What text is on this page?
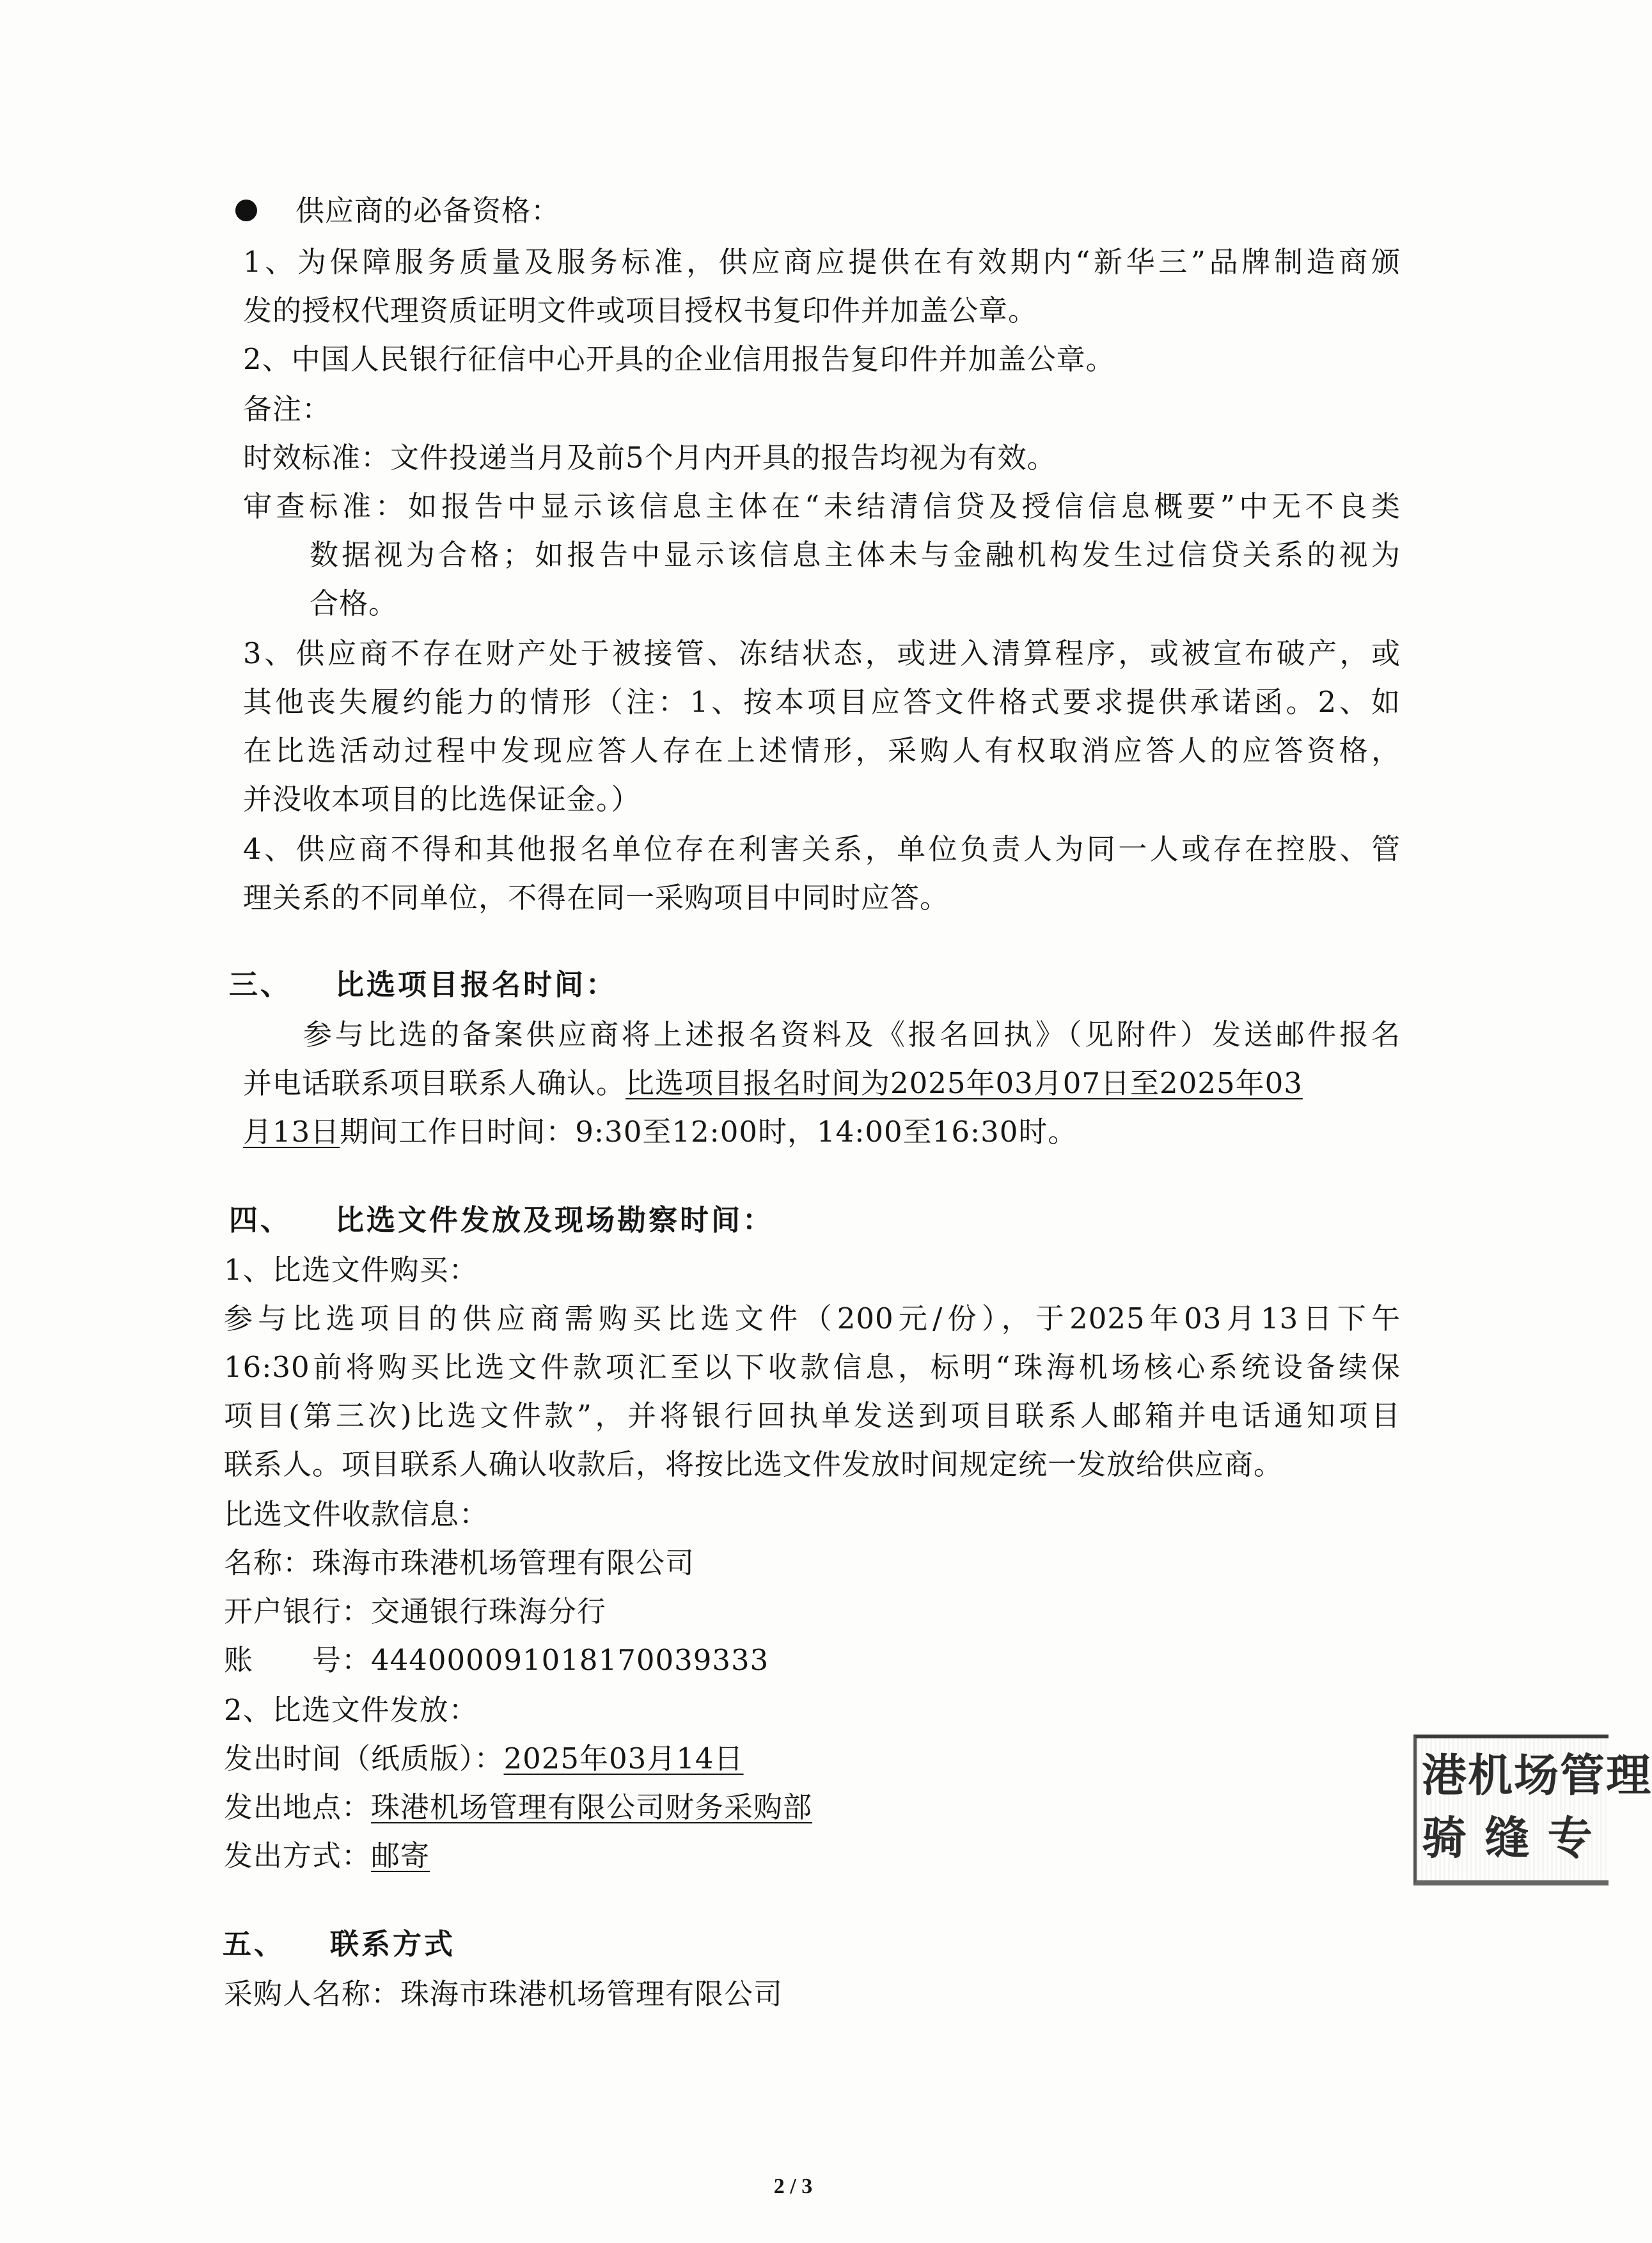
供应商的必备资格：
1、为保障服务质量及服务标准，供应商应提供在有效期内“新华三”品牌制造商颁
发的授权代理资质证明文件或项目授权书复印件并加盖公章。
2、中国人民银行征信中心开具的企业信用报告复印件并加盖公章。
备注：
时效标准：文件投递当月及前5个月内开具的报告均视为有效。
审查标准：如报告中显示该信息主体在“未结清信贷及授信信息概要”中无不良类
数据视为合格；如报告中显示该信息主体未与金融机构发生过信贷关系的视为
合格。
3、供应商不存在财产处于被接管、冻结状态，或进入清算程序，或被宣布破产，或
其他丧失履约能力的情形（注：1、按本项目应答文件格式要求提供承诺函。2、如
在比选活动过程中发现应答人存在上述情形，采购人有权取消应答人的应答资格，
并没收本项目的比选保证金。）
4、供应商不得和其他报名单位存在利害关系，单位负责人为同一人或存在控股、管
理关系的不同单位，不得在同一采购项目中同时应答。
三、 比选项目报名时间：
参与比选的备案供应商将上述报名资料及《报名回执》（见附件）发送邮件报名
并电话联系项目联系人确认。比选项目报名时间为2025年03月07日至2025年03
月13日期间工作日时间：9:30至12:00时，14:00至16:30时。
四、 比选文件发放及现场勘察时间：
1、比选文件购买：
参与比选项目的供应商需购买比选文件（200元/份），于2025年03月13日下午
16:30前将购买比选文件款项汇至以下收款信息，标明“珠海机场核心系统设备续保
项目(第三次)比选文件款”，并将银行回执单发送到项目联系人邮箱并电话通知项目
联系人。项目联系人确认收款后，将按比选文件发放时间规定统一发放给供应商。
比选文件收款信息：
名称：珠海市珠港机场管理有限公司
开户银行：交通银行珠海分行
账　　号：444000091018170039333
2、比选文件发放：
发出时间（纸质版）：2025年03月14日
发出地点：珠港机场管理有限公司财务采购部
发出方式：邮寄
五、 联系方式
采购人名称：珠海市珠港机场管理有限公司
港机场管理
骑 缝 专
2 / 3
